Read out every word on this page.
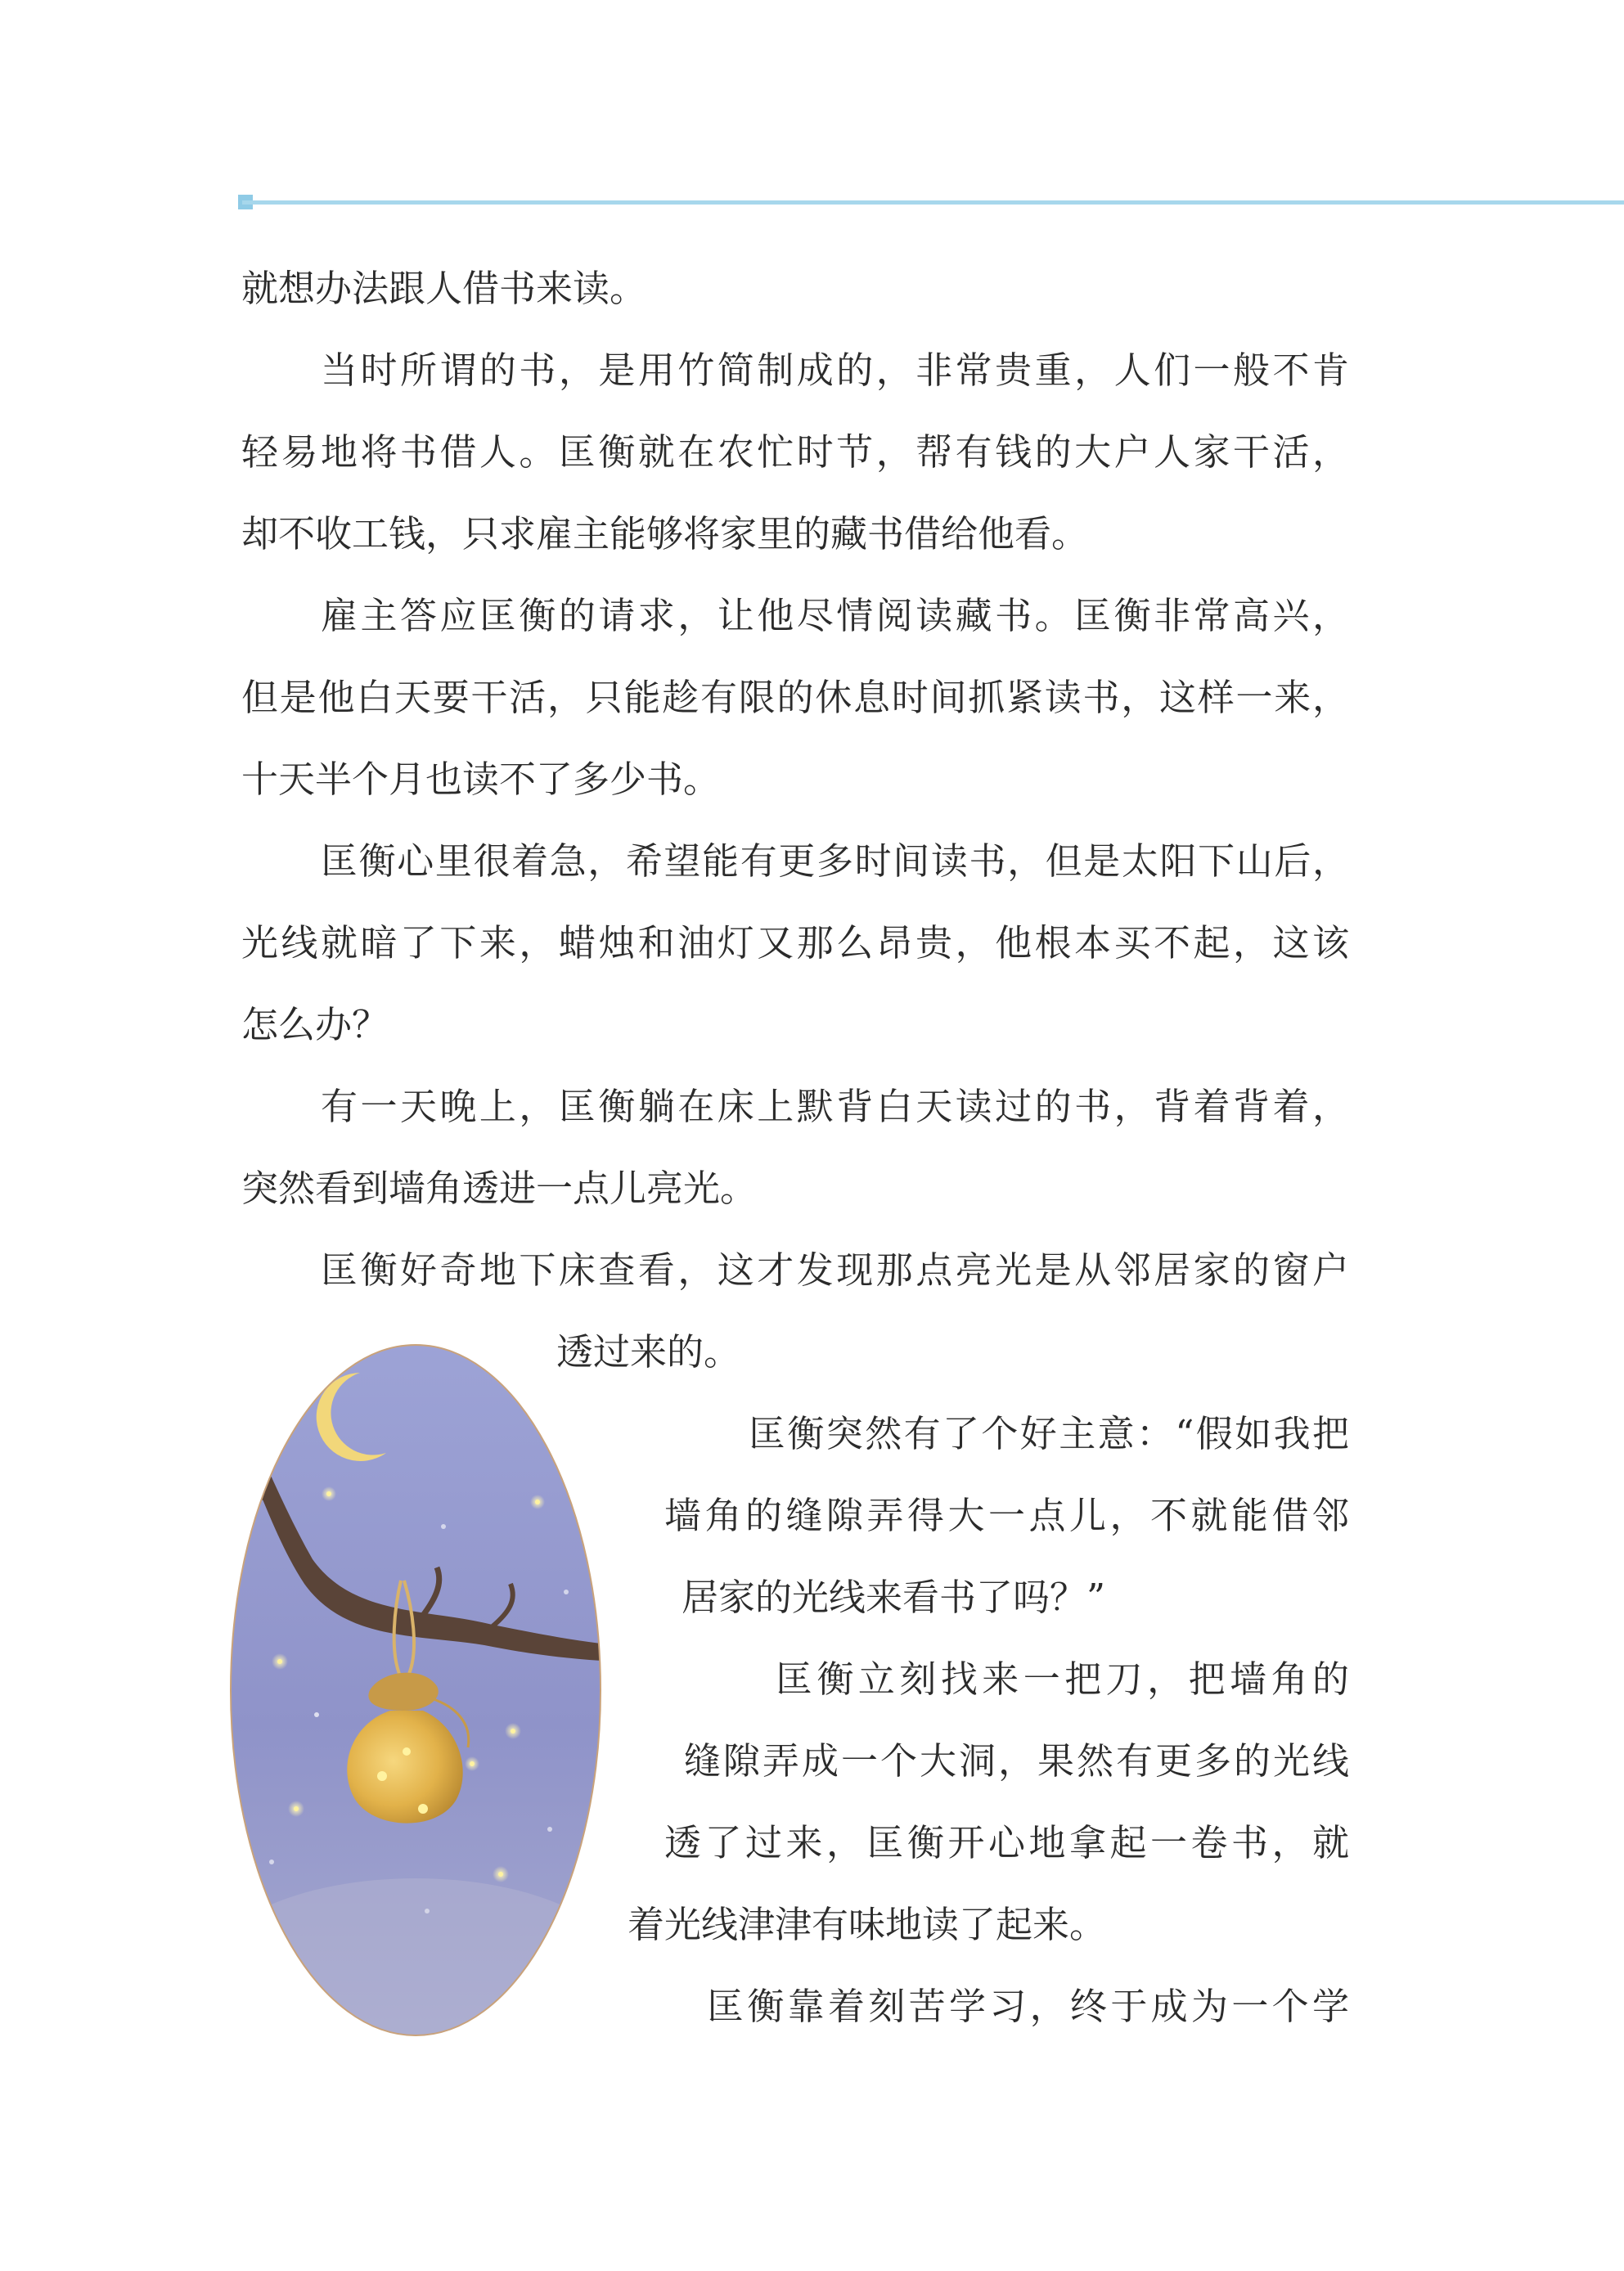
就想办法跟人借书来读。
当时所谓的书，是用竹简制成的，非常贵重，人们一般不肯
轻易地将书借人。匡衡就在农忙时节，帮有钱的大户人家干活，
却不收工钱，只求雇主能够将家里的藏书借给他看。
雇主答应匡衡的请求，让他尽情阅读藏书。匡衡非常高兴，
但是他白天要干活，只能趁有限的休息时间抓紧读书，这样一来，
十天半个月也读不了多少书。
匡衡心里很着急，希望能有更多时间读书，但是太阳下山后，
光线就暗了下来，蜡烛和油灯又那么昂贵，他根本买不起，这该
怎么办？
有一天晚上，匡衡躺在床上默背白天读过的书，背着背着，
突然看到墙角透进一点儿亮光。
匡衡好奇地下床查看，这才发现那点亮光是从邻居家的窗户
透过来的。
匡衡突然有了个好主意：“假如我把
墙角的缝隙弄得大一点儿，不就能借邻
居家的光线来看书了吗？”
匡衡立刻找来一把刀，把墙角的
缝隙弄成一个大洞，果然有更多的光线
透了过来，匡衡开心地拿起一卷书，就
着光线津津有味地读了起来。
匡衡靠着刻苦学习，终于成为一个学
